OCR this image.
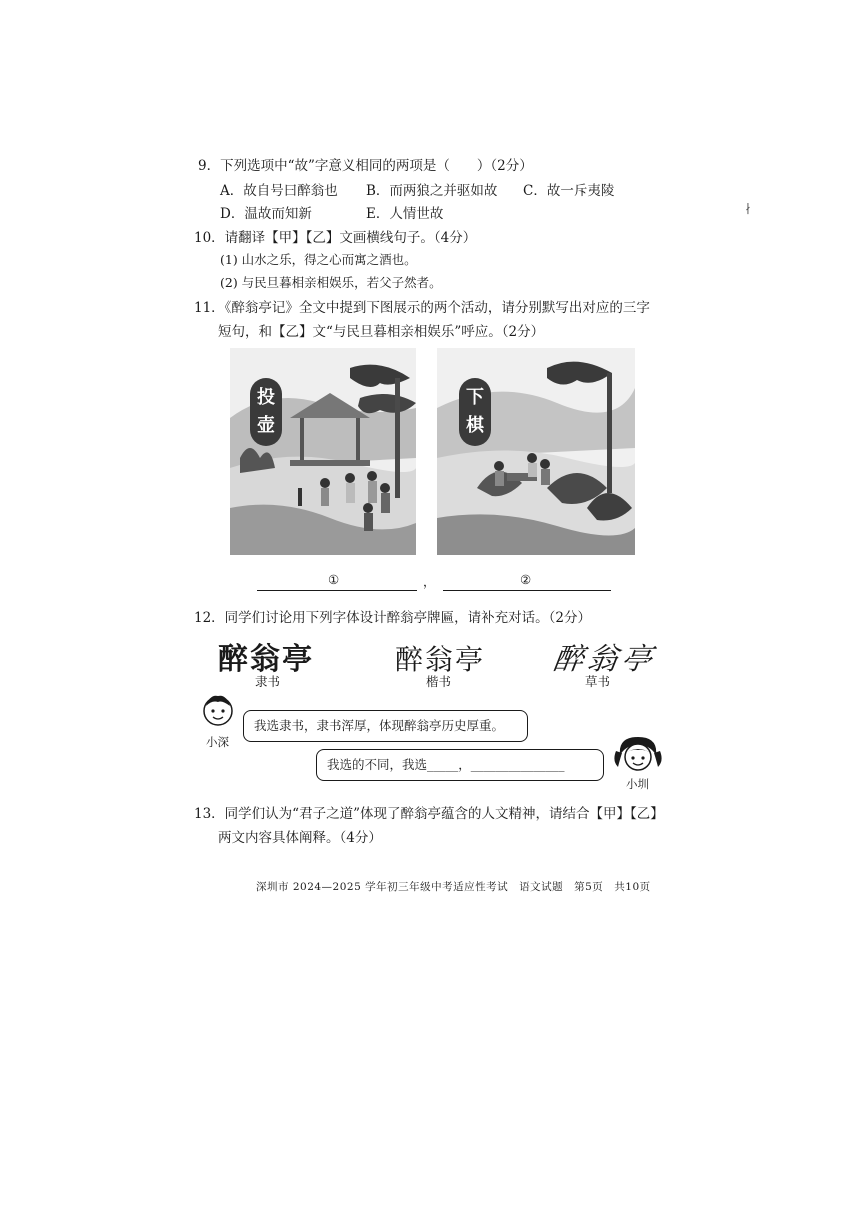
9．下列选项中“故”字意义相同的两项是（　　）（2分）
A．故自号曰醉翁也 B．而两狼之并驱如故 C．故一斥夷陵
D．温故而知新	E．人情世故	∤
10．请翻译【甲】【乙】文画横线句子。（4分）
(1) 山水之乐，得之心而寓之酒也。
(2) 与民旦暮相亲相娱乐，若父子然者。
11．《醉翁亭记》全文中提到下图展示的两个活动，请分别默写出对应的三字
短句，和【乙】文“与民旦暮相亲相娱乐”呼应。（2分）
投壶
下棋
①	，	②
12．同学们讨论用下列字体设计醉翁亭牌匾，请补充对话。（2分）
醉翁亭
隶书
醉翁亭
楷书
醉翁亭
草书
小深
我选隶书，隶书浑厚，体现醉翁亭历史厚重。
我选的不同，我选_____，_______________
小圳
13．同学们认为“君子之道”体现了醉翁亭蕴含的人文精神，请结合【甲】【乙】
两文内容具体阐释。（4分）
深圳市 2024—2025 学年初三年级中考适应性考试　语文试题　第5页　共10页
